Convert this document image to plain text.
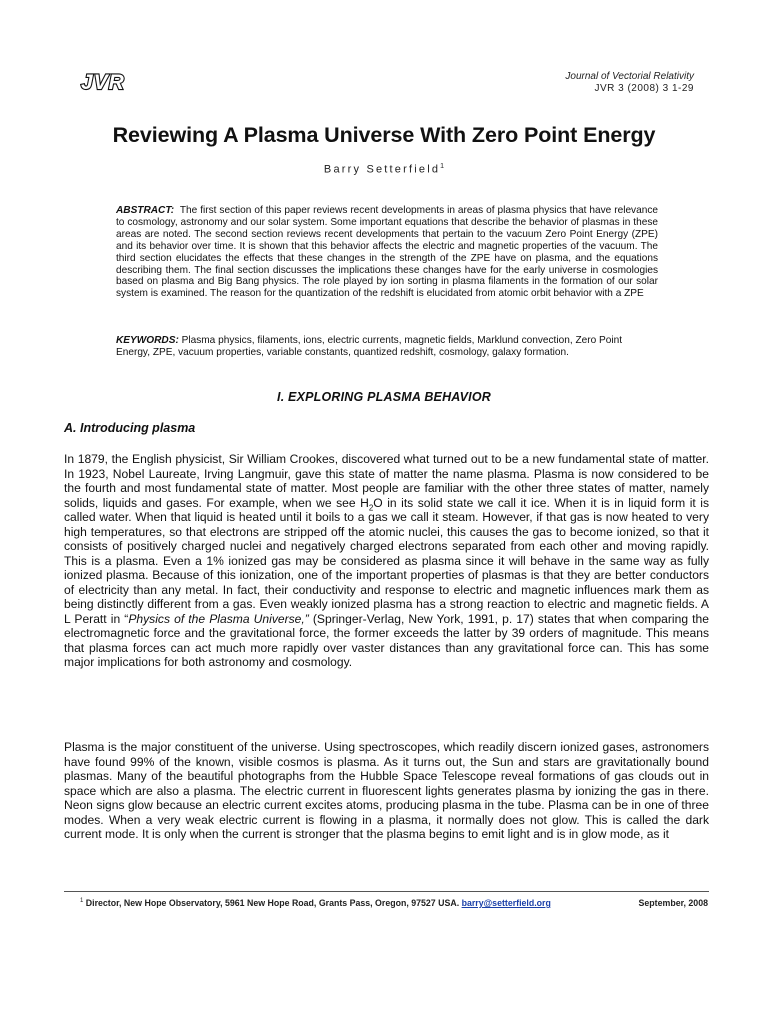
JVR	Journal of Vectorial Relativity
JVR 3 (2008) 3 1-29
Reviewing A Plasma Universe With Zero Point Energy
Barry Setterfield$^1$
ABSTRACT: The first section of this paper reviews recent developments in areas of plasma physics that have relevance to cosmology, astronomy and our solar system. Some important equations that describe the behavior of plasmas in these areas are noted. The second section reviews recent developments that pertain to the vacuum Zero Point Energy (ZPE) and its behavior over time. It is shown that this behavior affects the electric and magnetic properties of the vacuum. The third section elucidates the effects that these changes in the strength of the ZPE have on plasma, and the equations describing them. The final section discusses the implications these changes have for the early universe in cosmologies based on plasma and Big Bang physics. The role played by ion sorting in plasma filaments in the formation of our solar system is examined. The reason for the quantization of the redshift is elucidated from atomic orbit behavior with a ZPE
KEYWORDS: Plasma physics, filaments, ions, electric currents, magnetic fields, Marklund convection, Zero Point Energy, ZPE, vacuum properties, variable constants, quantized redshift, cosmology, galaxy formation.
I. EXPLORING PLASMA BEHAVIOR
A. Introducing plasma
In 1879, the English physicist, Sir William Crookes, discovered what turned out to be a new fundamental state of matter. In 1923, Nobel Laureate, Irving Langmuir, gave this state of matter the name plasma. Plasma is now considered to be the fourth and most fundamental state of matter. Most people are familiar with the other three states of matter, namely solids, liquids and gases. For example, when we see $H_2O$ in its solid state we call it ice. When it is in liquid form it is called water. When that liquid is heated until it boils to a gas we call it steam. However, if that gas is now heated to very high temperatures, so that electrons are stripped off the atomic nuclei, this causes the gas to become ionized, so that it consists of positively charged nuclei and negatively charged electrons separated from each other and moving rapidly. This is a plasma. Even a 1% ionized gas may be considered as plasma since it will behave in the same way as fully ionized plasma. Because of this ionization, one of the important properties of plasmas is that they are better conductors of electricity than any metal. In fact, their conductivity and response to electric and magnetic influences mark them as being distinctly different from a gas. Even weakly ionized plasma has a strong reaction to electric and magnetic fields. A L Peratt in “Physics of the Plasma Universe,” (Springer-Verlag, New York, 1991, p. 17) states that when comparing the electromagnetic force and the gravitational force, the former exceeds the latter by 39 orders of magnitude. This means that plasma forces can act much more rapidly over vaster distances than any gravitational force can. This has some major implications for both astronomy and cosmology.
Plasma is the major constituent of the universe. Using spectroscopes, which readily discern ionized gases, astronomers have found 99% of the known, visible cosmos is plasma. As it turns out, the Sun and stars are gravitationally bound plasmas. Many of the beautiful photographs from the Hubble Space Telescope reveal formations of gas clouds out in space which are also a plasma. The electric current in fluorescent lights generates plasma by ionizing the gas in there. Neon signs glow because an electric current excites atoms, producing plasma in the tube. Plasma can be in one of three modes. When a very weak electric current is flowing in a plasma, it normally does not glow. This is called the dark current mode. It is only when the current is stronger that the plasma begins to emit light and is in glow mode, as it
$^1$ Director, New Hope Observatory, 5961 New Hope Road, Grants Pass, Oregon, 97527 USA. barry@setterfield.org	September, 2008
